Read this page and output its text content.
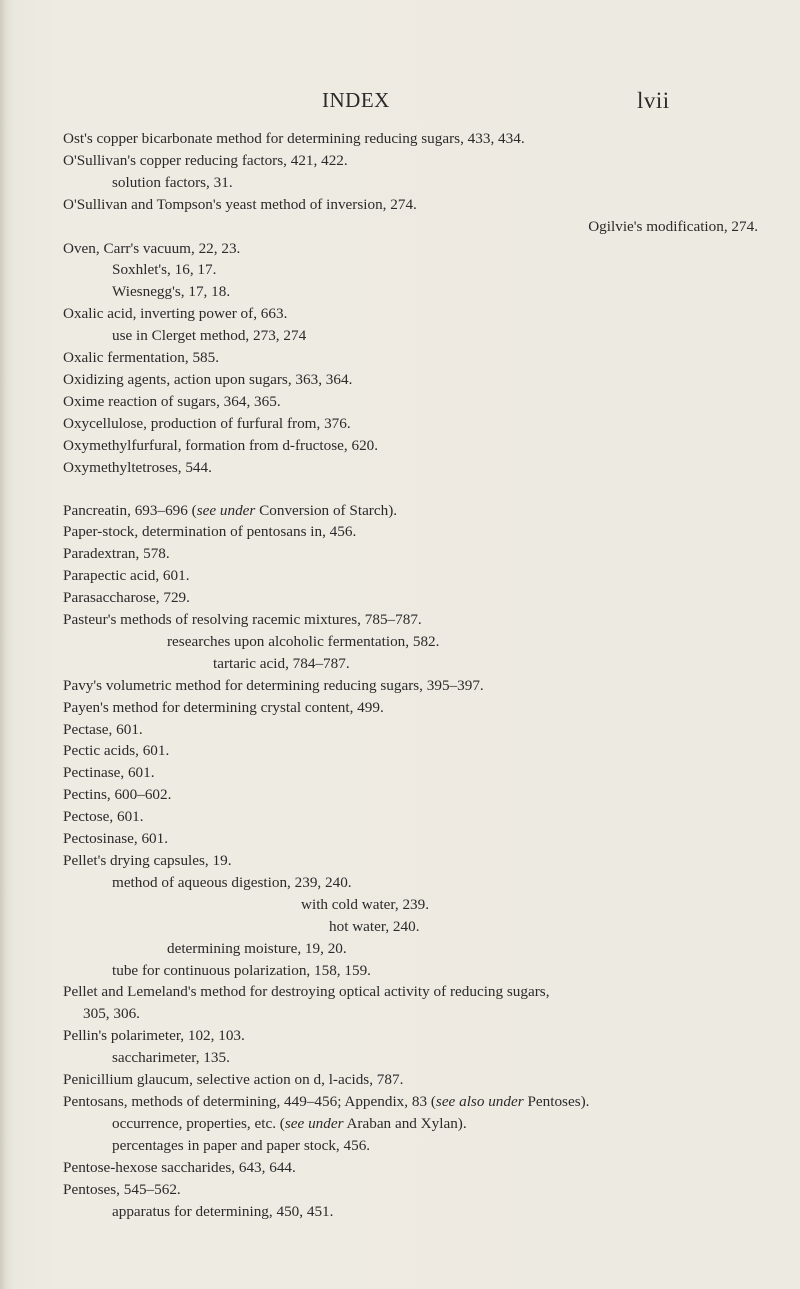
INDEX	lvii
Ost's copper bicarbonate method for determining reducing sugars, 433, 434.
O'Sullivan's copper reducing factors, 421, 422.
solution factors, 31.
O'Sullivan and Tompson's yeast method of inversion, 274.
Ogilvie's modification, 274.
Oven, Carr's vacuum, 22, 23.
Soxhlet's, 16, 17.
Wiesnegg's, 17, 18.
Oxalic acid, inverting power of, 663.
use in Clerget method, 273, 274
Oxalic fermentation, 585.
Oxidizing agents, action upon sugars, 363, 364.
Oxime reaction of sugars, 364, 365.
Oxycellulose, production of furfural from, 376.
Oxymethylfurfural, formation from d-fructose, 620.
Oxymethyltetroses, 544.
Pancreatin, 693–696 (see under Conversion of Starch).
Paper-stock, determination of pentosans in, 456.
Paradextran, 578.
Parapectic acid, 601.
Parasaccharose, 729.
Pasteur's methods of resolving racemic mixtures, 785–787.
researches upon alcoholic fermentation, 582.
tartaric acid, 784–787.
Pavy's volumetric method for determining reducing sugars, 395–397.
Payen's method for determining crystal content, 499.
Pectase, 601.
Pectic acids, 601.
Pectinase, 601.
Pectins, 600–602.
Pectose, 601.
Pectosinase, 601.
Pellet's drying capsules, 19.
method of aqueous digestion, 239, 240.
with cold water, 239.
hot water, 240.
determining moisture, 19, 20.
tube for continuous polarization, 158, 159.
Pellet and Lemeland's method for destroying optical activity of reducing sugars,
305, 306.
Pellin's polarimeter, 102, 103.
saccharimeter, 135.
Penicillium glaucum, selective action on d, l-acids, 787.
Pentosans, methods of determining, 449–456; Appendix, 83 (see also under Pentoses).
occurrence, properties, etc. (see under Araban and Xylan).
percentages in paper and paper stock, 456.
Pentose-hexose saccharides, 643, 644.
Pentoses, 545–562.
apparatus for determining, 450, 451.
